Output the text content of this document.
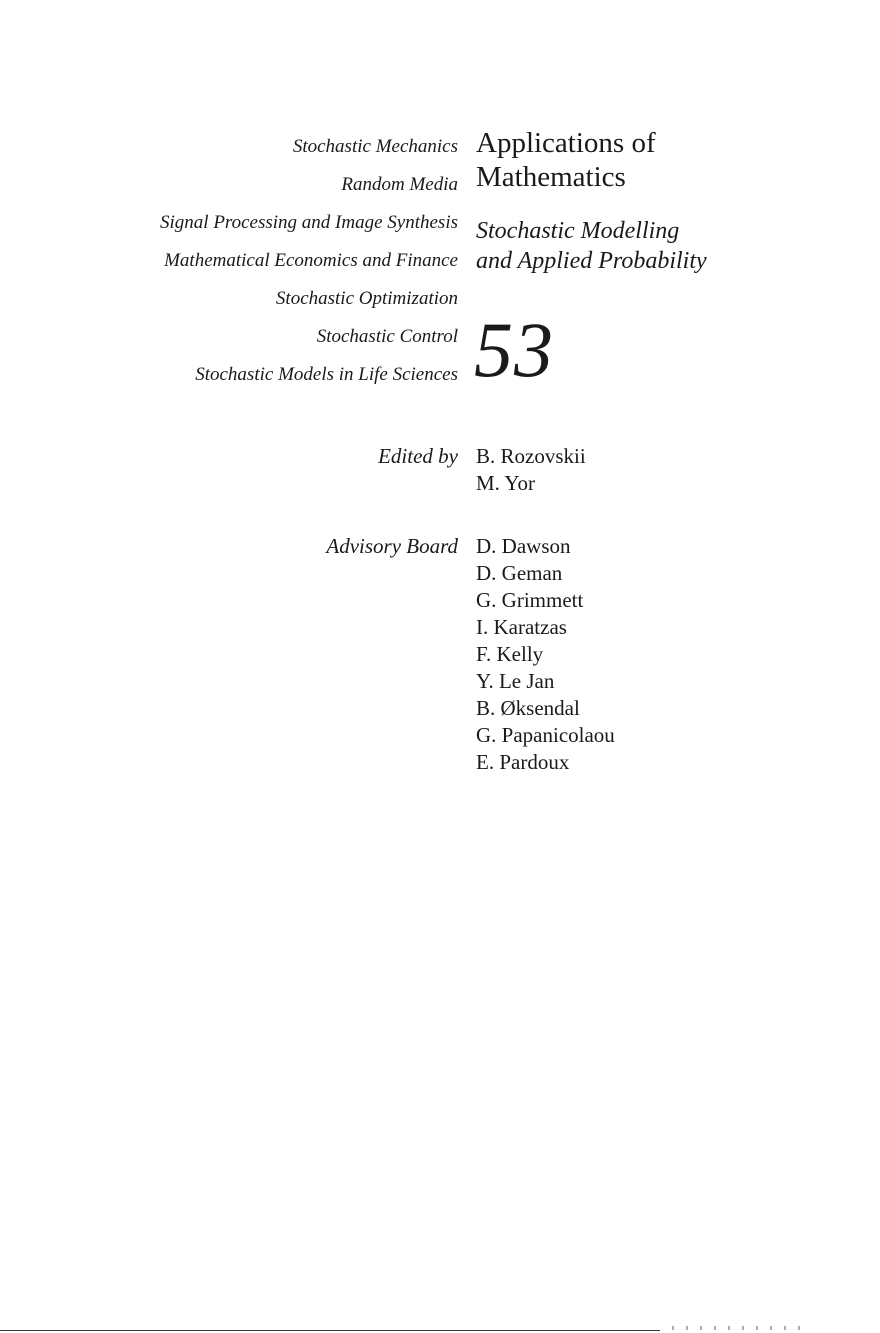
Stochastic Mechanics
Random Media
Signal Processing and Image Synthesis
Mathematical Economics and Finance
Stochastic Optimization
Stochastic Control
Stochastic Models in Life Sciences
Applications of
Mathematics
Stochastic Modelling
and Applied Probability
53
Edited by B. Rozovskii
M. Yor
Advisory Board D. Dawson
D. Geman
G. Grimmett
I. Karatzas
F. Kelly
Y. Le Jan
B. Øksendal
G. Papanicolaou
E. Pardoux
